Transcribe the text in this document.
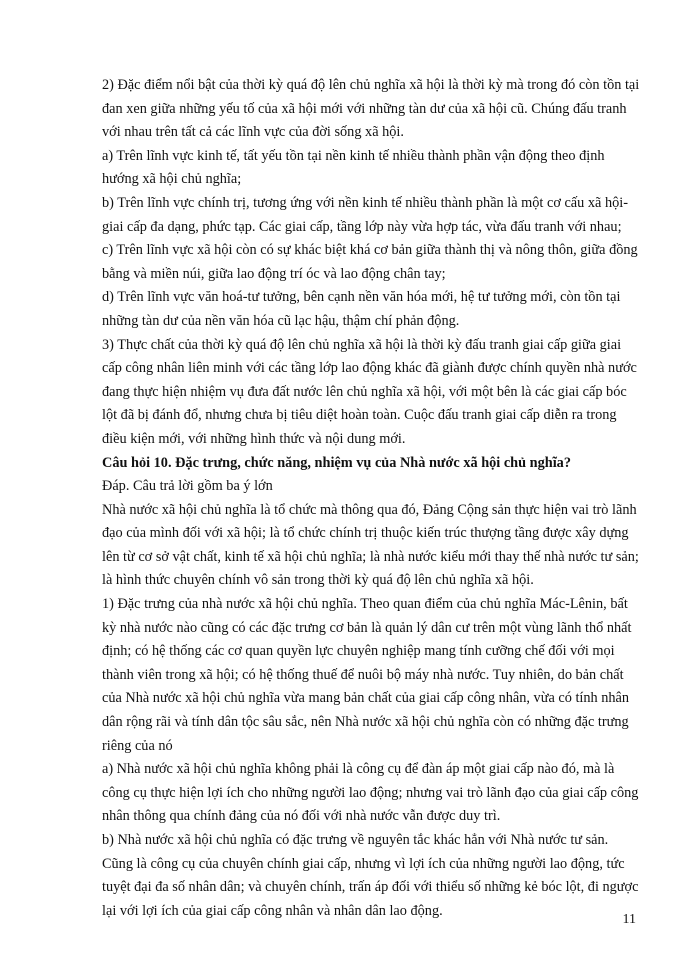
2) Đặc điểm nổi bật của thời kỳ quá độ lên chủ nghĩa xã hội là thời kỳ mà trong đó còn tồn tại đan xen giữa những yếu tố của xã hội mới với những tàn dư của xã hội cũ. Chúng đấu tranh với nhau trên tất cả các lĩnh vực của đời sống xã hội.

a) Trên lĩnh vực kinh tế, tất yếu tồn tại nền kinh tế nhiều thành phần vận động theo định hướng xã hội chủ nghĩa;

b) Trên lĩnh vực chính trị, tương ứng với nền kinh tế nhiều thành phần là một cơ cấu xã hội-giai cấp đa dạng, phức tạp. Các giai cấp, tầng lớp này vừa hợp tác, vừa đấu tranh với nhau;

c) Trên lĩnh vực xã hội còn có sự khác biệt khá cơ bản giữa thành thị và nông thôn, giữa đồng bằng và miền núi, giữa lao động trí óc và lao động chân tay;

d) Trên lĩnh vực văn hoá-tư tưởng, bên cạnh nền văn hóa mới, hệ tư tưởng mới, còn tồn tại những tàn dư của nền văn hóa cũ lạc hậu, thậm chí phản động.

3) Thực chất của thời kỳ quá độ lên chủ nghĩa xã hội là thời kỳ đấu tranh giai cấp giữa giai cấp công nhân liên minh với các tầng lớp lao động khác đã giành được chính quyền nhà nước đang thực hiện nhiệm vụ đưa đất nước lên chủ nghĩa xã hội, với một bên là các giai cấp bóc lột đã bị đánh đổ, nhưng chưa bị tiêu diệt hoàn toàn. Cuộc đấu tranh giai cấp diễn ra trong điều kiện mới, với những hình thức và nội dung mới.

Câu hỏi 10. Đặc trưng, chức năng, nhiệm vụ của Nhà nước xã hội chủ nghĩa?

Đáp. Câu trả lời gồm ba ý lớn

Nhà nước xã hội chủ nghĩa là tổ chức mà thông qua đó, Đảng Cộng sản thực hiện vai trò lãnh đạo của mình đối với xã hội; là tổ chức chính trị thuộc kiến trúc thượng tầng được xây dựng lên từ cơ sở vật chất, kinh tế xã hội chủ nghĩa; là nhà nước kiểu mới thay thế nhà nước tư sản; là hình thức chuyên chính vô sản trong thời kỳ quá độ lên chủ nghĩa xã hội.

1) Đặc trưng của nhà nước xã hội chủ nghĩa. Theo quan điểm của chủ nghĩa Mác-Lênin, bất kỳ nhà nước nào cũng có các đặc trưng cơ bản là quản lý dân cư trên một vùng lãnh thổ nhất định; có hệ thống các cơ quan quyền lực chuyên nghiệp mang tính cưỡng chế đối với mọi thành viên trong xã hội; có hệ thống thuế để nuôi bộ máy nhà nước. Tuy nhiên, do bản chất của Nhà nước xã hội chủ nghĩa vừa mang bản chất của giai cấp công nhân, vừa có tính nhân dân rộng rãi và tính dân tộc sâu sắc, nên Nhà nước xã hội chủ nghĩa còn có những đặc trưng riêng của nó

a) Nhà nước xã hội chủ nghĩa không phải là công cụ để đàn áp một giai cấp nào đó, mà là công cụ thực hiện lợi ích cho những người lao động; nhưng vai trò lãnh đạo của giai cấp công nhân thông qua chính đảng của nó đối với nhà nước vẫn được duy trì.

b) Nhà nước xã hội chủ nghĩa có đặc trưng về nguyên tắc khác hẳn với Nhà nước tư sản. Cũng là công cụ của chuyên chính giai cấp, nhưng vì lợi ích của những người lao động, tức tuyệt đại đa số nhân dân; và chuyên chính, trấn áp đối với thiểu số những kẻ bóc lột, đi ngược lại với lợi ích của giai cấp công nhân và nhân dân lao động.

11
